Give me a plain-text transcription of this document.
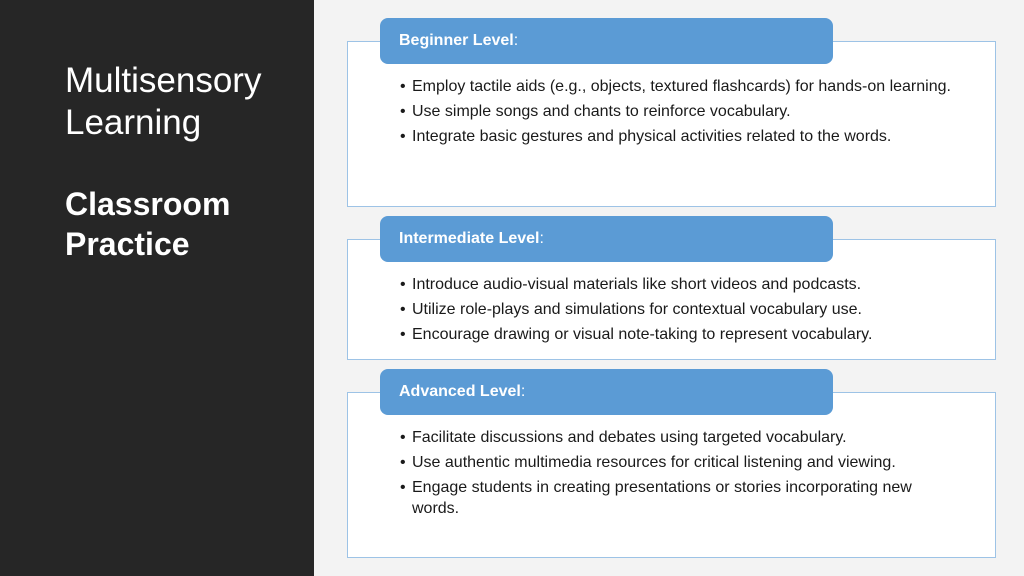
Multisensory Learning
Classroom Practice
• Employ tactile aids (e.g., objects, textured flashcards) for hands-on learning.
• Use simple songs and chants to reinforce vocabulary.
• Integrate basic gestures and physical activities related to the words.
Beginner Level :
• Introduce audio-visual materials like short videos and podcasts.
• Utilize role-plays and simulations for contextual vocabulary use.
• Encourage drawing or visual note-taking to represent vocabulary.
Intermediate Level :
• Facilitate discussions and debates using targeted vocabulary.
• Use authentic multimedia resources for critical listening and viewing.
• Engage students in creating presentations or stories incorporating new words.
Advanced Level :
